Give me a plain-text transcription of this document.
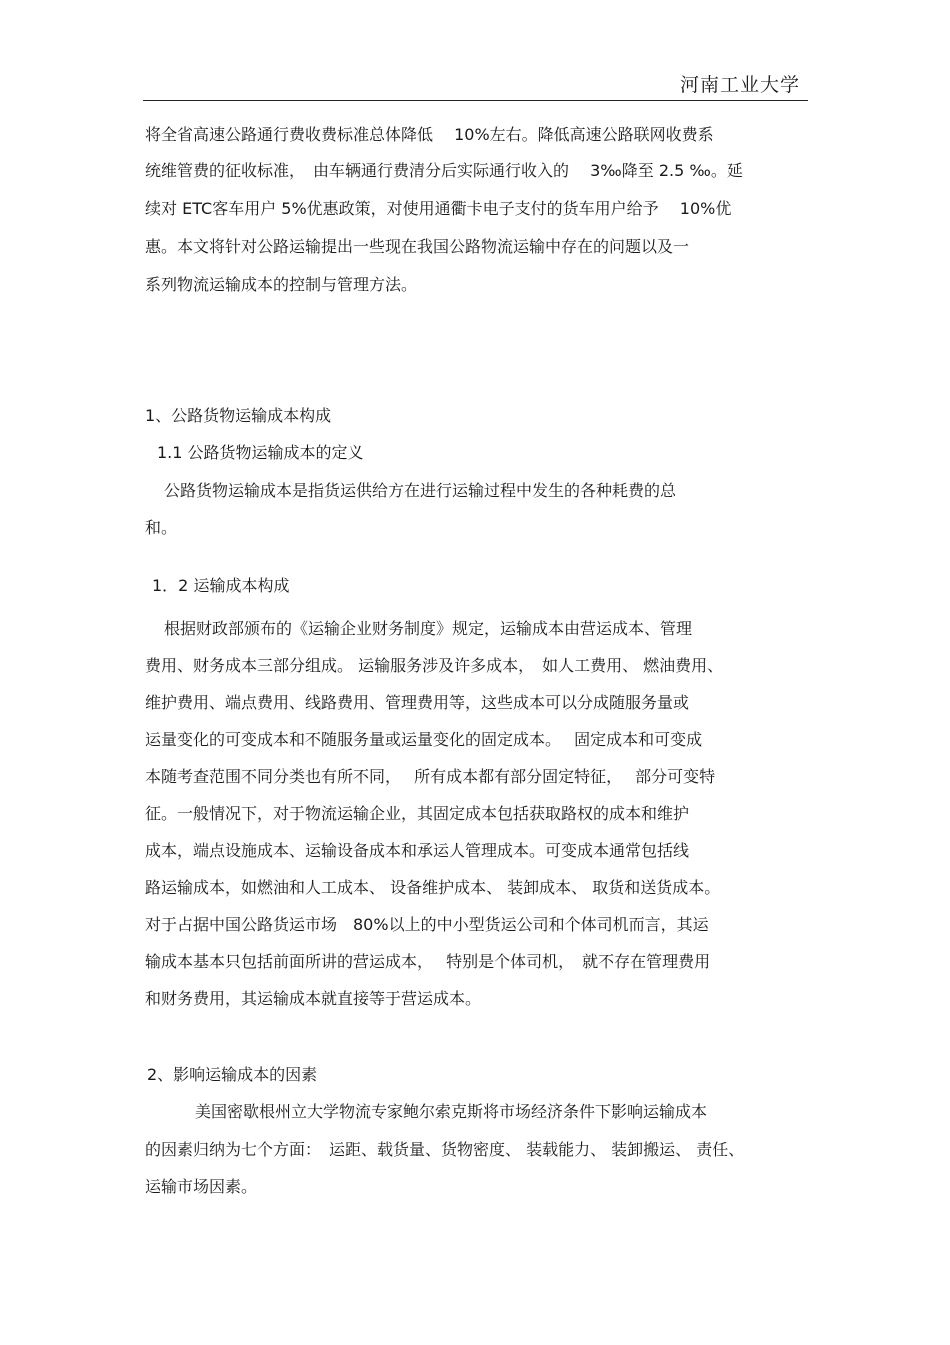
河南工业大学
将全省高速公路通行费收费标准总体降低　 10%左右。降低高速公路联网收费系
统维管费的征收标准，　由车辆通行费清分后实际通行收入的　 3‰降至 2.5 ‰。延
续对 ETC客车用户 5%优惠政策，对使用通衢卡电子支付的货车用户给予　 10%优
惠。本文将针对公路运输提出一些现在我国公路物流运输中存在的问题以及一
系列物流运输成本的控制与管理方法。
1、公路货物运输成本构成
1.1 公路货物运输成本的定义
公路货物运输成本是指货运供给方在进行运输过程中发生的各种耗费的总
和。
1．2 运输成本构成
根据财政部颁布的《运输企业财务制度》规定，运输成本由营运成本、管理
费用、财务成本三部分组成。 运输服务涉及许多成本，　如人工费用、 燃油费用、
维护费用、端点费用、线路费用、管理费用等，这些成本可以分成随服务量或
运量变化的可变成本和不随服务量或运量变化的固定成本。　 固定成本和可变成
本随考查范围不同分类也有所不同，　 所有成本都有部分固定特征，　 部分可变特
征。一般情况下，对于物流运输企业，其固定成本包括获取路权的成本和维护
成本，端点设施成本、运输设备成本和承运人管理成本。可变成本通常包括线
路运输成本，如燃油和人工成本、 设备维护成本、 装卸成本、 取货和送货成本。
对于占据中国公路货运市场　80%以上的中小型货运公司和个体司机而言，其运
输成本基本只包括前面所讲的营运成本，　 特别是个体司机，　就不存在管理费用
和财务费用，其运输成本就直接等于营运成本。
2、影响运输成本的因素
美国密歇根州立大学物流专家鲍尔索克斯将市场经济条件下影响运输成本
的因素归纳为七个方面：　运距、载货量、货物密度、 装载能力、 装卸搬运、 责任、
运输市场因素。
